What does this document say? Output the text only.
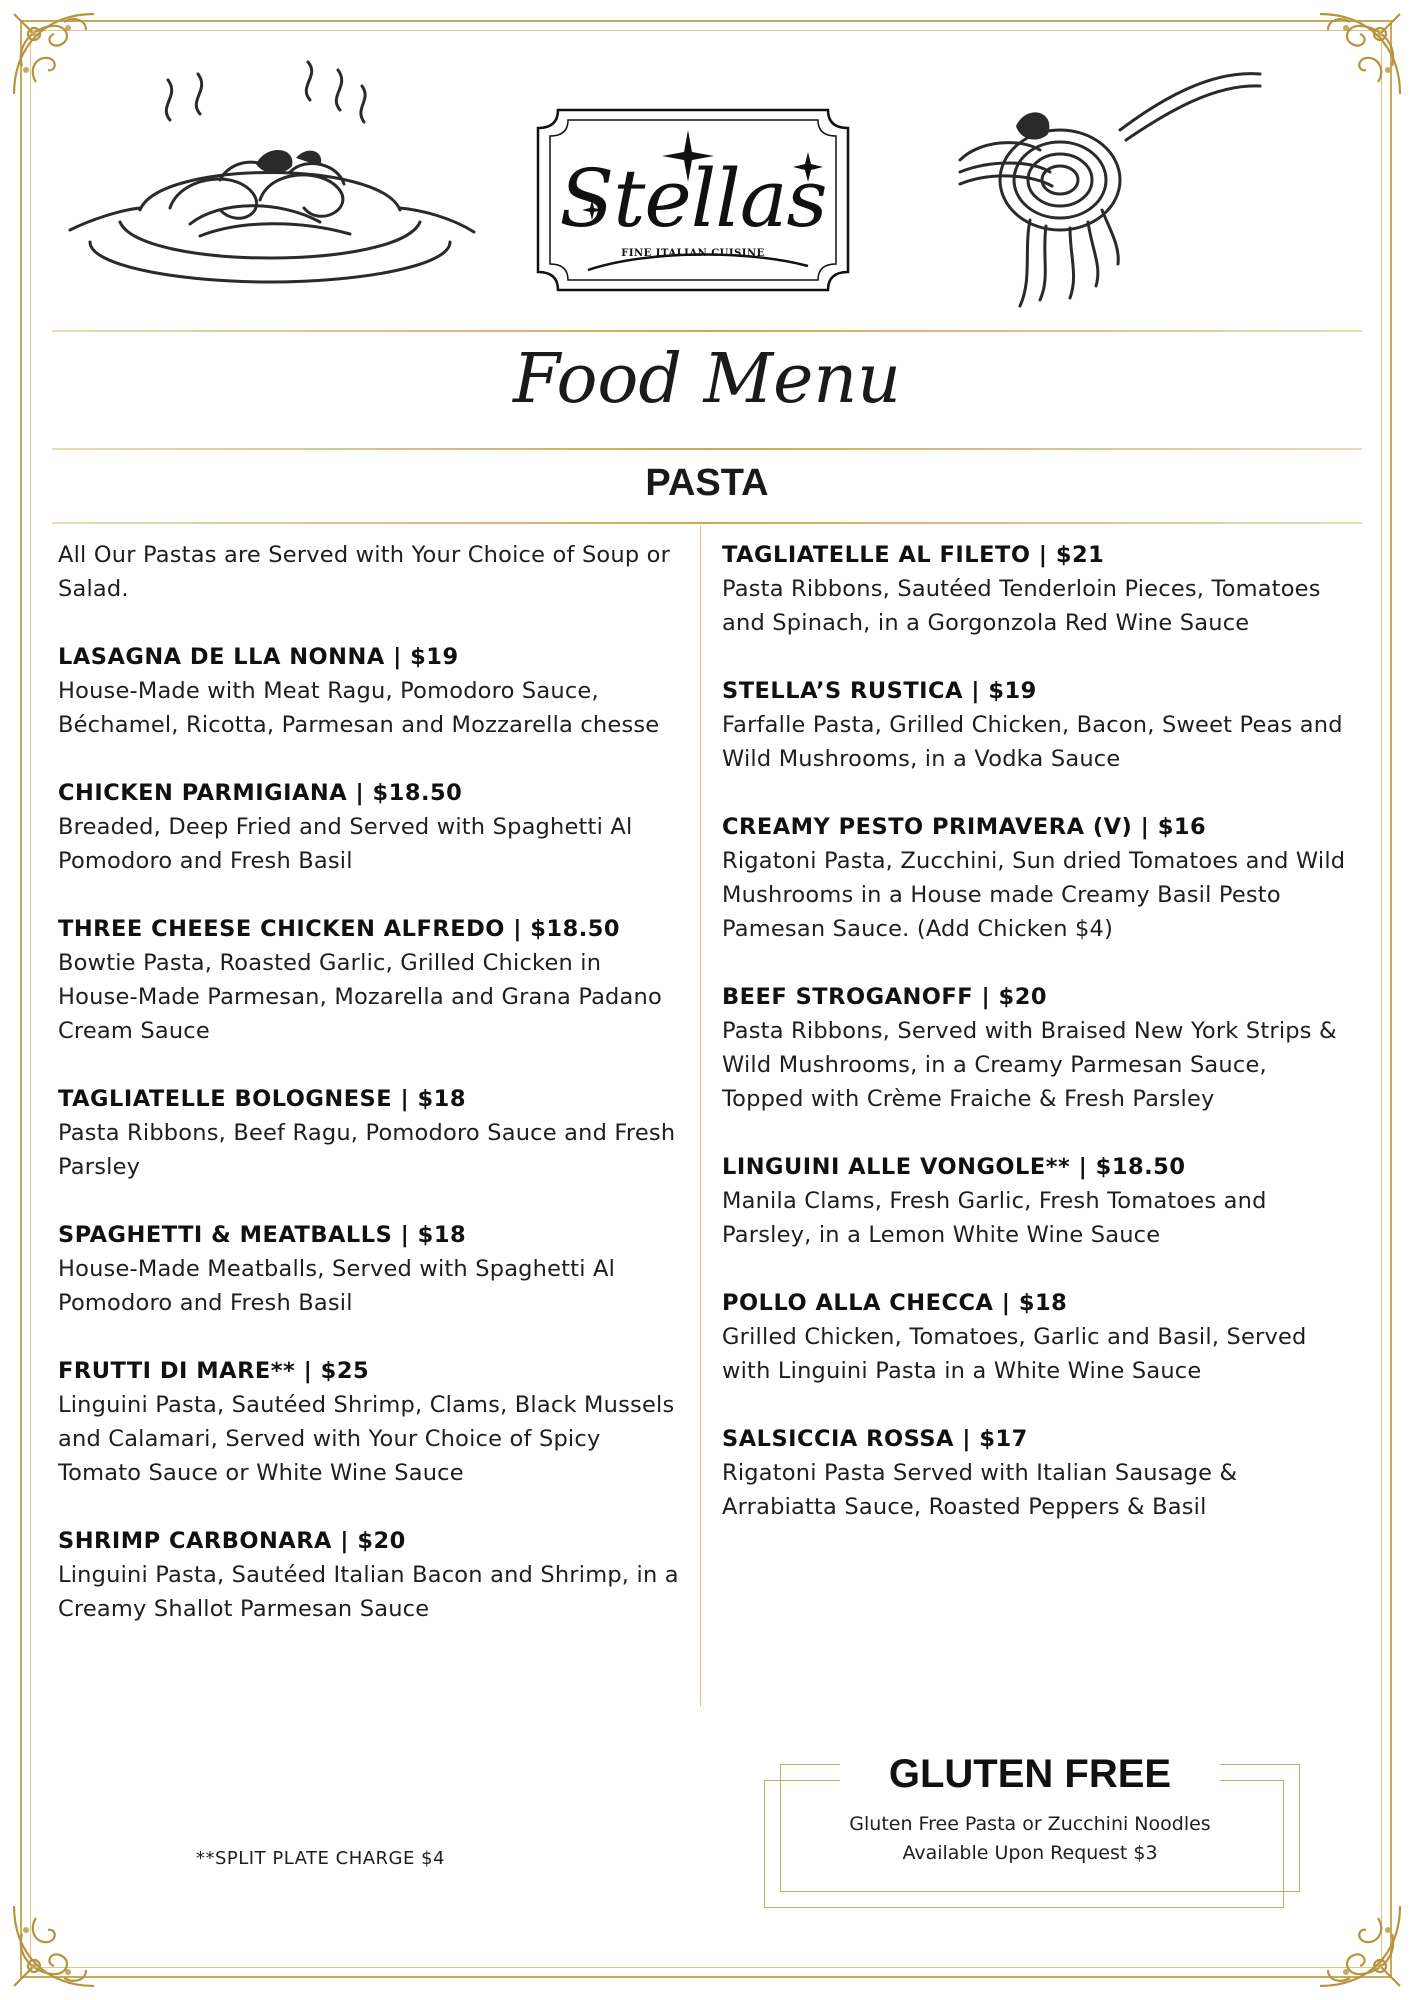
Stellas
FINE ITALIAN CUISINE
Food Menu
PASTA
All Our Pastas are Served with Your Choice of Soup or Salad.
LASAGNA DE LLA NONNA | $19
House-Made with Meat Ragu, Pomodoro Sauce, Béchamel, Ricotta, Parmesan and Mozzarella chesse
CHICKEN PARMIGIANA | $18.50
Breaded, Deep Fried and Served with Spaghetti Al Pomodoro and Fresh Basil
THREE CHEESE CHICKEN ALFREDO | $18.50
Bowtie Pasta, Roasted Garlic, Grilled Chicken in House-Made Parmesan, Mozarella and Grana Padano Cream Sauce
TAGLIATELLE BOLOGNESE | $18
Pasta Ribbons, Beef Ragu, Pomodoro Sauce and Fresh Parsley
SPAGHETTI & MEATBALLS | $18
House-Made Meatballs, Served with Spaghetti Al Pomodoro and Fresh Basil
FRUTTI DI MARE** | $25
Linguini Pasta, Sautéed Shrimp, Clams, Black Mussels and Calamari, Served with Your Choice of Spicy Tomato Sauce or White Wine Sauce
SHRIMP CARBONARA | $20
Linguini Pasta, Sautéed Italian Bacon and Shrimp, in a Creamy Shallot Parmesan Sauce
TAGLIATELLE AL FILETO | $21
Pasta Ribbons, Sautéed Tenderloin Pieces, Tomatoes and Spinach, in a Gorgonzola Red Wine Sauce
STELLA’S RUSTICA | $19
Farfalle Pasta, Grilled Chicken, Bacon, Sweet Peas and Wild Mushrooms, in a Vodka Sauce
CREAMY PESTO PRIMAVERA (V) | $16
Rigatoni Pasta, Zucchini, Sun dried Tomatoes and Wild Mushrooms in a House made Creamy Basil Pesto Pamesan Sauce. (Add Chicken $4)
BEEF STROGANOFF | $20
Pasta Ribbons, Served with Braised New York Strips & Wild Mushrooms, in a Creamy Parmesan Sauce, Topped with Crème Fraiche & Fresh Parsley
LINGUINI ALLE VONGOLE** | $18.50
Manila Clams, Fresh Garlic, Fresh Tomatoes and Parsley, in a Lemon White Wine Sauce
POLLO ALLA CHECCA | $18
Grilled Chicken, Tomatoes, Garlic and Basil, Served with Linguini Pasta in a White Wine Sauce
SALSICCIA ROSSA | $17
Rigatoni Pasta Served with Italian Sausage & Arrabiatta Sauce, Roasted Peppers & Basil
**SPLIT PLATE CHARGE $4
GLUTEN FREE
Gluten Free Pasta or Zucchini Noodles
Available Upon Request $3
